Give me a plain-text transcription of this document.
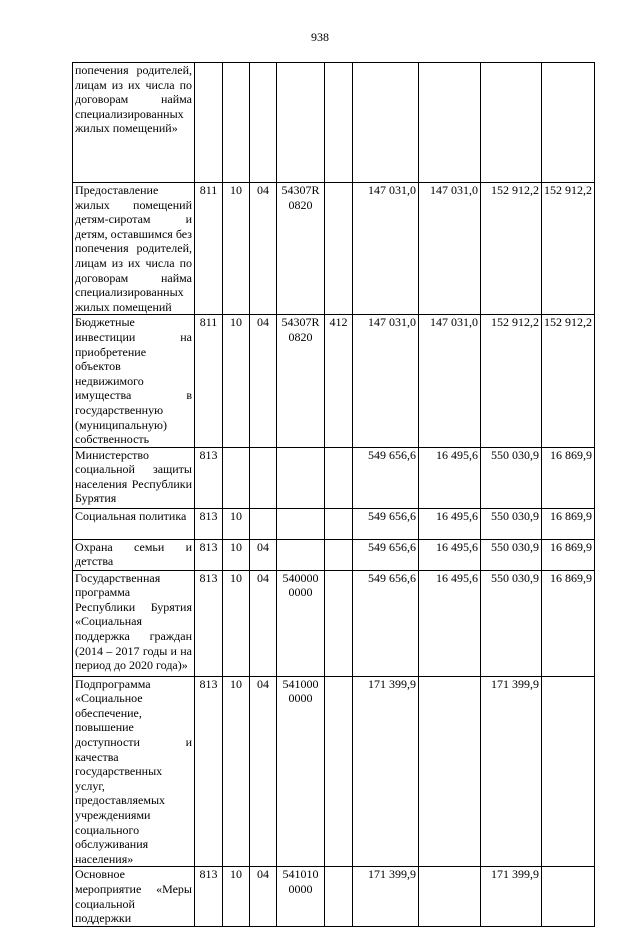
938
попечения родителей, лицам из их числа по договорам найма специализированных жилых помещений»									
Предоставление жилых помещений детям-сиротам и детям, оставшимся без попечения родителей, лицам из их числа по договорам найма специализированных жилых помещений	811	10	04	54307R 0820		147 031,0	147 031,0	152 912,2	152 912,2
Бюджетные инвестиции на приобретение объектов недвижимого имущества в государственную (муниципальную) собственность	811	10	04	54307R 0820	412	147 031,0	147 031,0	152 912,2	152 912,2
Министерство социальной защиты населения Республики Бурятия	813					549 656,6	16 495,6	550 030,9	16 869,9
Социальная политика	813	10				549 656,6	16 495,6	550 030,9	16 869,9
Охрана семьи и детства	813	10	04			549 656,6	16 495,6	550 030,9	16 869,9
Государственная программа Республики Бурятия «Социальная поддержка граждан (2014 – 2017 годы и на период до 2020 года)»	813	10	04	540000 0000		549 656,6	16 495,6	550 030,9	16 869,9
Подпрограмма «Социальное обеспечение, повышение доступности и качества государственных услуг, предоставляемых учреждениями социального обслуживания населения»	813	10	04	541000 0000		171 399,9		171 399,9	
Основное мероприятие «Меры социальной поддержки	813	10	04	541010 0000		171 399,9		171 399,9	
